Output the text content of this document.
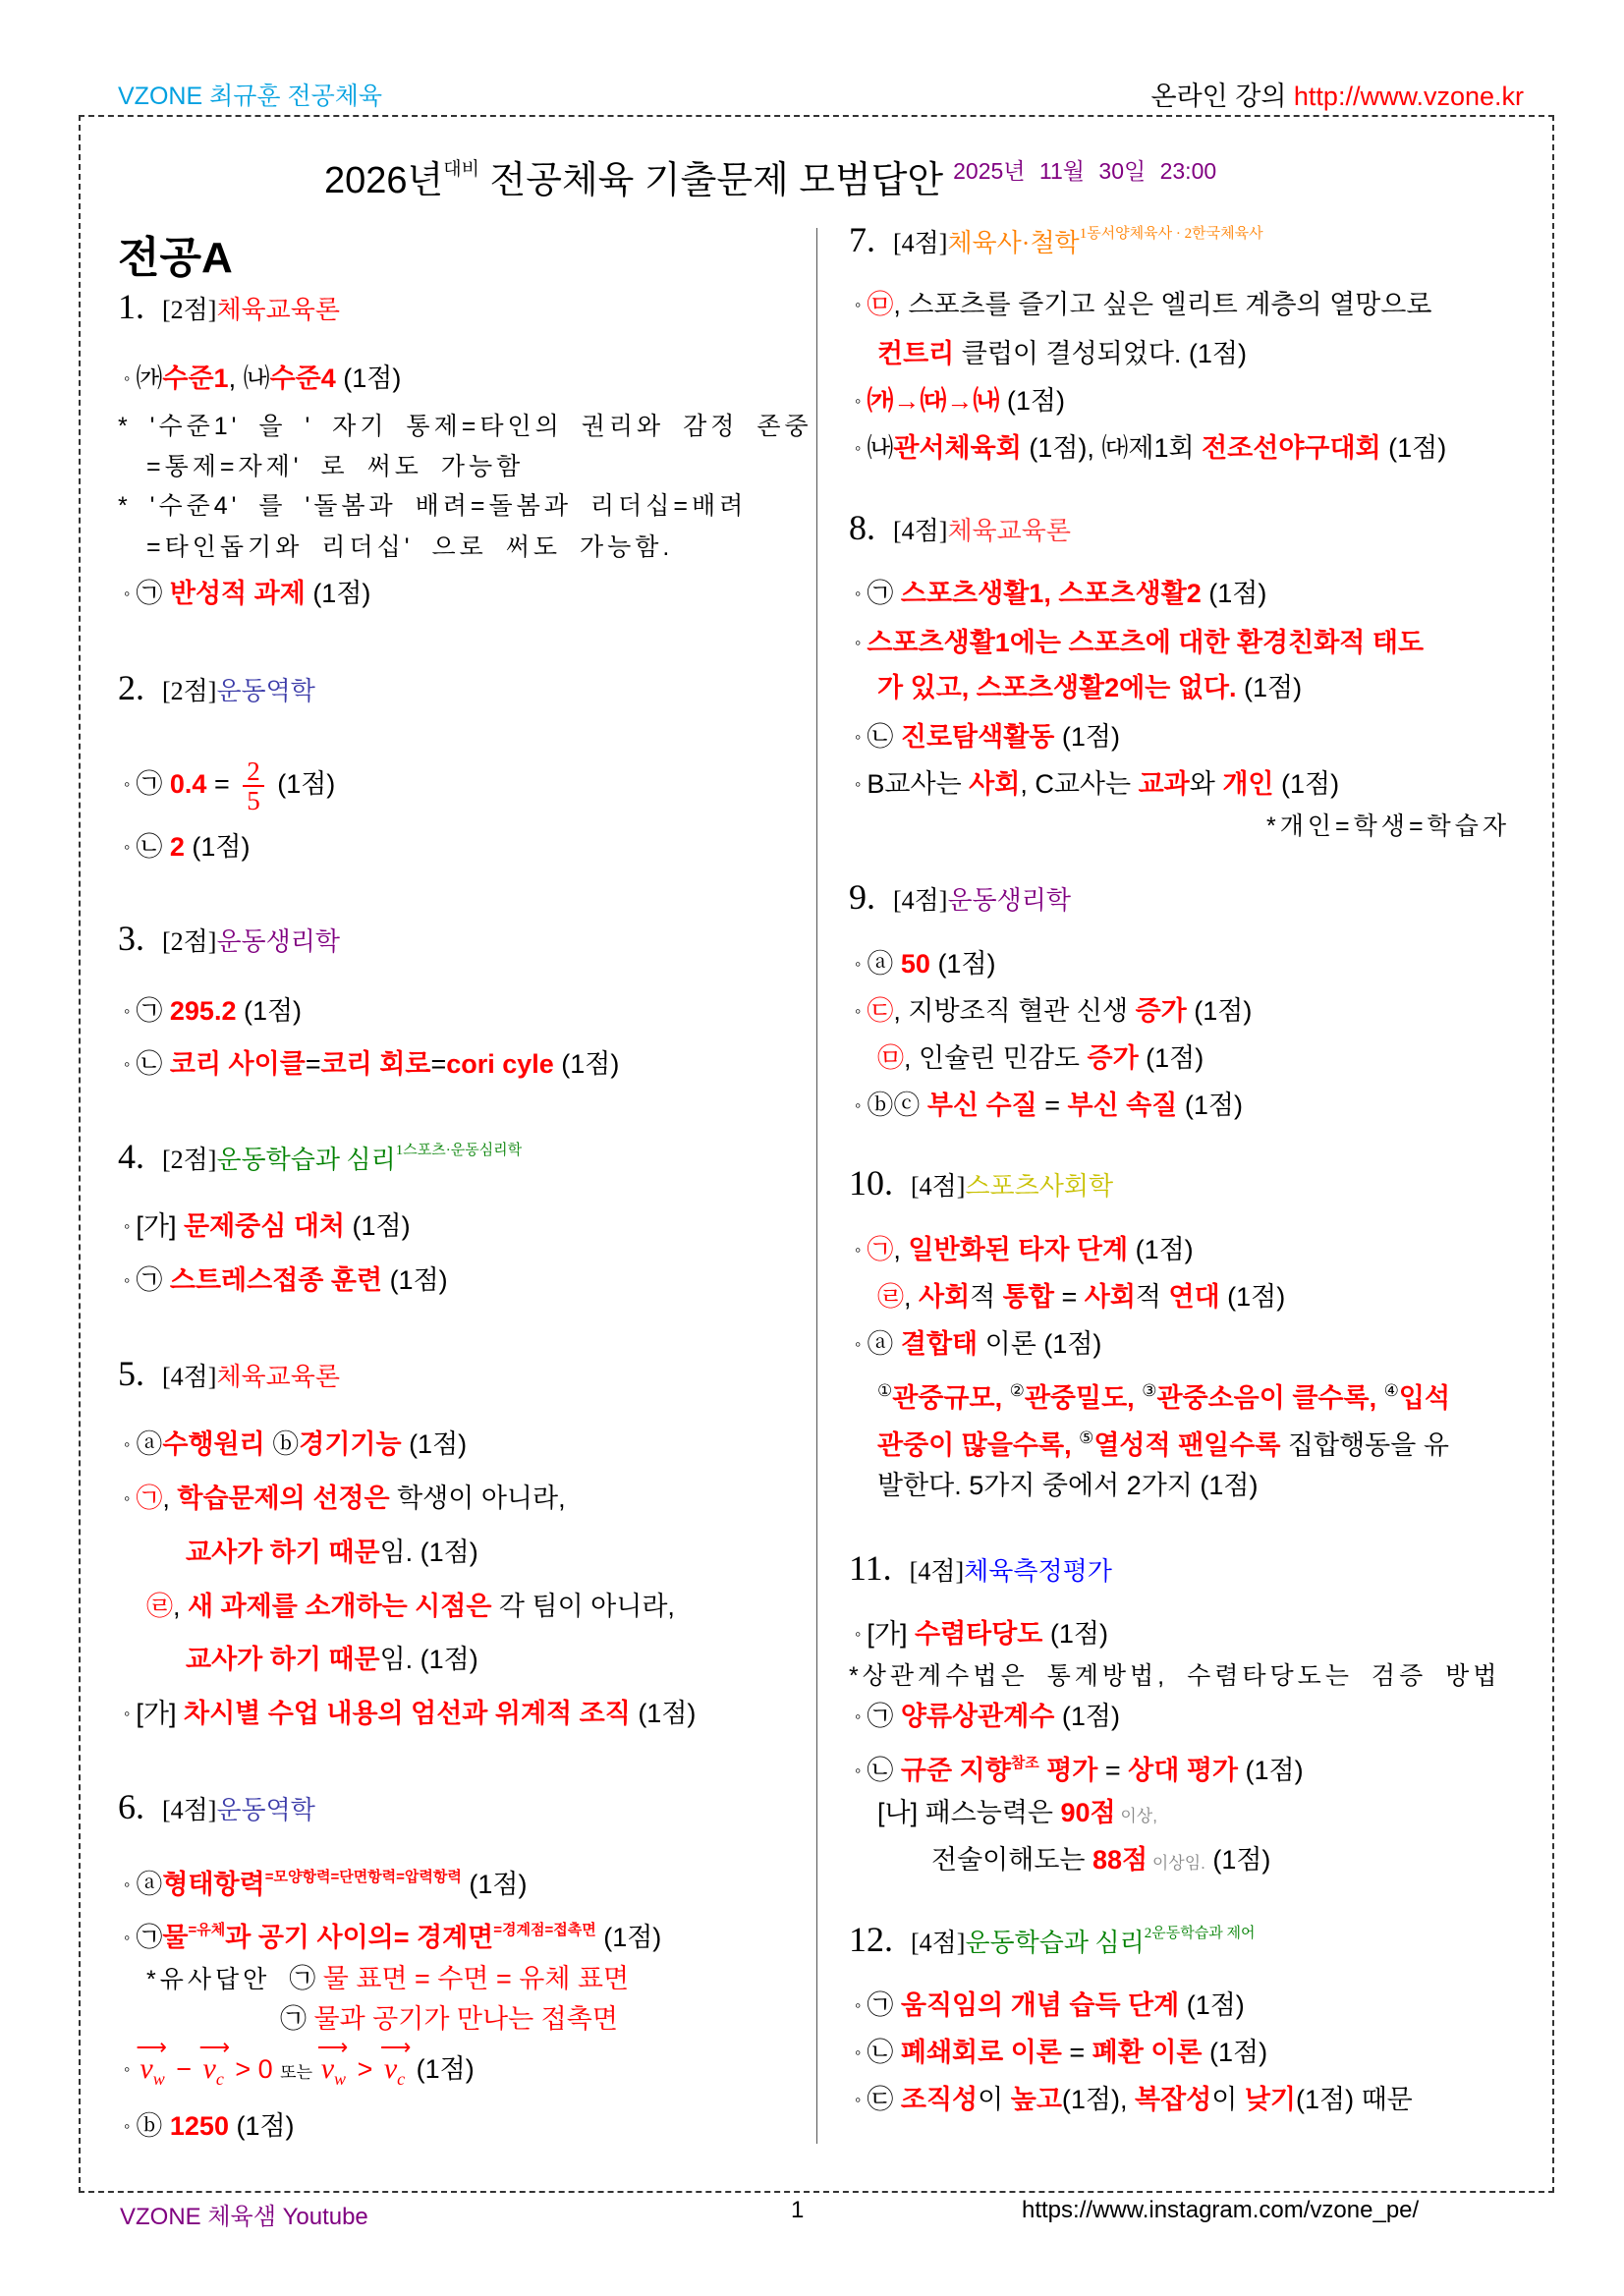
VZONE 최규훈 전공체육	온라인 강의 http://www.vzone.kr
2026년$^{대비}$ 전공체육 기출문제 모범답안 $^{2025년 11월 30일 23:00}$
전공A
1. [2점]체육교육론
◦ ㈎수준1, ㈏수준4 (1점)
* '수준1' 을 ' 자기 통제=타인의 권리와 감정 존중
=통제=자제' 로 써도 가능함
* '수준4' 를 '돌봄과 배려=돌봄과 리더십=배려
=타인돕기와 리더십' 으로 써도 가능함.
◦ ㉠ 반성적 과제 (1점)
2. [2점]운동역학
◦ ㉠ $0.4 = \frac{2}{5} (1$점)
◦ ㉡ 2 (1점)
3. [2점]운동생리학
◦ ㉠ 295.2 (1점)
◦ ㉡ 코리 사이클=코리 회로=cori cyle (1점)
4. [2점]운동학습과 심리1스포츠·운동심리학
◦ [가] 문제중심 대처 (1점)
◦ ㉠ 스트레스접종 훈련 (1점)
5. [4점]체육교육론
◦ ⓐ수행원리 ⓑ경기기능 (1점)
◦ ㉠, 학습문제의 선정은 학생이 아니라,
교사가 하기 때문임. (1점)
㉣, 새 과제를 소개하는 시점은 각 팀이 아니라,
교사가 하기 때문임. (1점)
◦ [가] 차시별 수업 내용의 엄선과 위계적 조직 (1점)
6. [4점]운동역학
◦ ⓐ형태항력$^{=모양항력=단면항력=압력항력}$ (1점)
◦ ㉠물$^{=유체}$과 공기 사이의= 경계면$^{=경계점=접촉면}$ (1점)
*유사답안 ㉠ 물 표면 = 수면 = 유체 표면
㉠ 물과 공기가 만나는 접촉면
◦
⟶
$v_w$ −
⟶
$v_c > 0$ 또는
⟶
$v_w$ >
⟶
$v_c$ (1점)
◦ ⓑ 1250 (1점)
7. [4점]체육사·철학1동서양체육사 · 2한국체육사
◦ ㉤, 스포츠를 즐기고 싶은 엘리트 계층의 열망으로
컨트리 클럽이 결성되었다. (1점)
◦ ㈎→㈐→㈏ (1점)
◦ ㈏관서체육회 (1점), ㈐제1회 전조선야구대회 (1점)
8. [4점]체육교육론
◦ ㉠ 스포츠생활1, 스포츠생활2 (1점)
◦ 스포츠생활1에는 스포츠에 대한 환경친화적 태도
가 있고, 스포츠생활2에는 없다. (1점)
◦ ㉡ 진로탐색활동 (1점)
◦ B교사는 사회, C교사는 교과와 개인 (1점)
*개인=학생=학습자
9. [4점]운동생리학
◦ ⓐ 50 (1점)
◦ ㉢, 지방조직 혈관 신생 증가 (1점)
㉤, 인슐린 민감도 증가 (1점)
◦ ⓑⓒ 부신 수질 = 부신 속질 (1점)
10. [4점]스포츠사회학
◦ ㉠, 일반화된 타자 단계 (1점)
㉣, 사회적 통합 = 사회적 연대 (1점)
◦ ⓐ 결합태 이론 (1점)
①관중규모, ②관중밀도, ③관중소음이 클수록, ④입석
관중이 많을수록, ⑤열성적 팬일수록 집합행동을 유
발한다. 5가지 중에서 2가지 (1점)
11. [4점]체육측정평가
◦ [가] 수렴타당도 (1점)
*상관계수법은 통계방법, 수렴타당도는 검증 방법
◦ ㉠ 양류상관계수 (1점)
◦ ㉡ 규준 지향$^{참조}$ 평가 = 상대 평가 (1점)
[나] 패스능력은 90점 이상,
전술이해도는 88점 이상임. (1점)
12. [4점]운동학습과 심리2운동학습과 제어
◦ ㉠ 움직임의 개념 습득 단계 (1점)
◦ ㉡ 폐쇄회로 이론 = 폐환 이론 (1점)
◦ ㉢ 조직성이 높고(1점), 복잡성이 낮기(1점) 때문
VZONE 체육샘 Youtube	1	https://www.instagram.com/vzone_pe/
